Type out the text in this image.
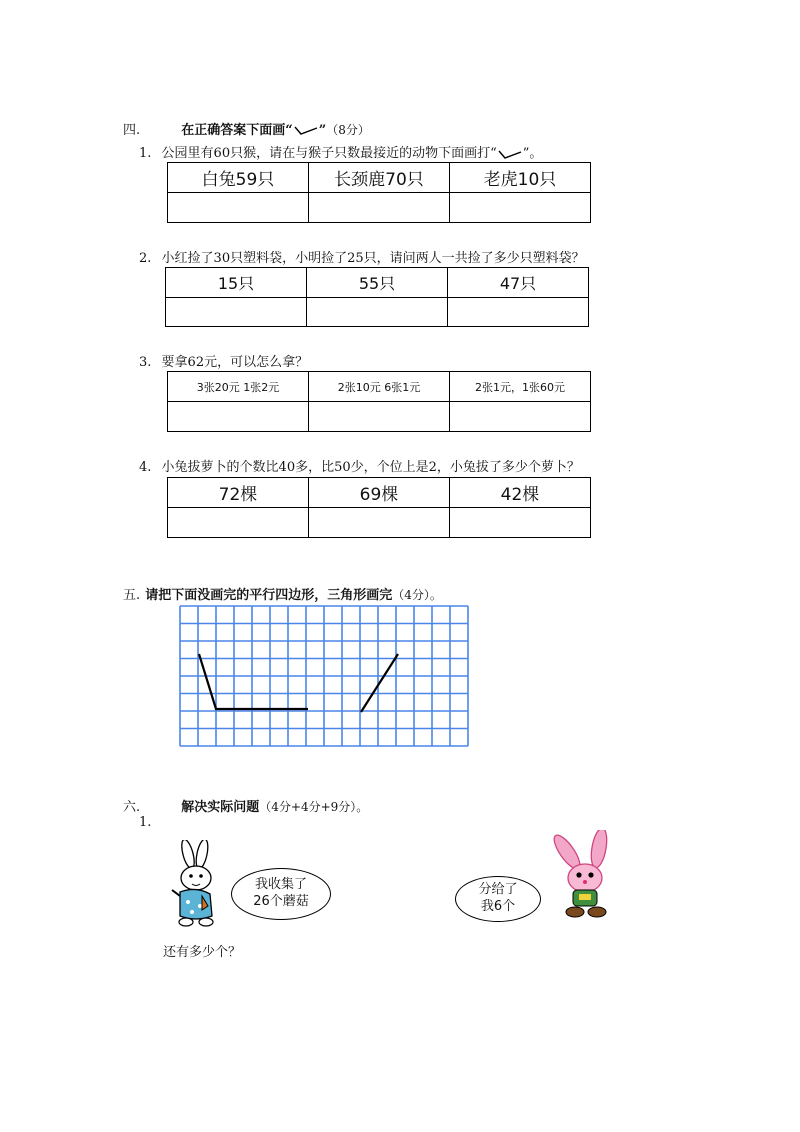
四.	在正确答案下面画“ ”（8分）
1. 公园里有60只猴，请在与猴子只数最接近的动物下面画打“ ”。
白兔59只	长颈鹿70只	老虎10只

2. 小红捡了30只塑料袋，小明捡了25只，请问两人一共捡了多少只塑料袋？
15只	55只	47只

3. 要拿62元，可以怎么拿？
3张20元 1张2元	2张10元 6张1元	2张1元，1张60元

4. 小兔拔萝卜的个数比40多，比50少，个位上是2，小兔拔了多少个萝卜？
72棵	69棵	42棵

五. 请把下面没画完的平行四边形，三角形画完（4分）。
六.	解决实际问题（4分+4分+9分）。
1.
我收集了
26个蘑菇
分给了
我6个
还有多少个？
